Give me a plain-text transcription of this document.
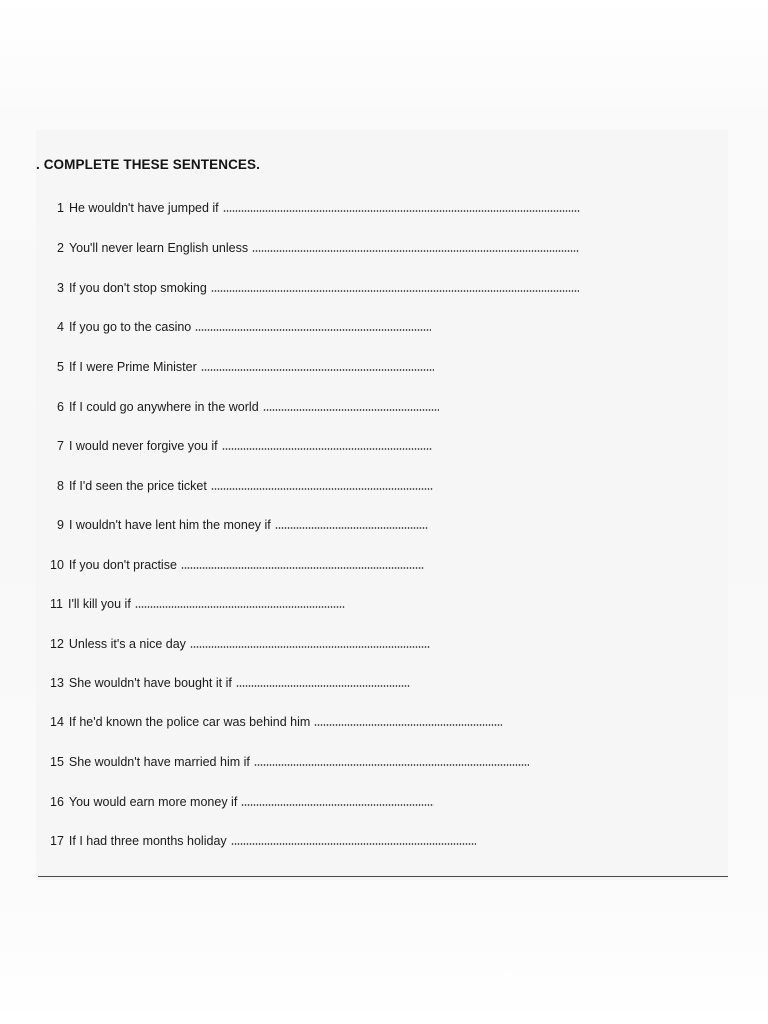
. COMPLETE THESE SENTENCES.
1 He wouldn't have jumped if
2 You'll never learn English unless
3 If you don't stop smoking
4 If you go to the casino
5 If I were Prime Minister
6 If I could go anywhere in the world
7 I would never forgive you if
8 If I'd seen the price ticket
9 I wouldn't have lent him the money if
10 If you don't practise
11 I'll kill you if
12 Unless it's a nice day
13 She wouldn't have bought it if
14 If he'd known the police car was behind him
15 She wouldn't have married him if
16 You would earn more money if
17 If I had three months holiday
